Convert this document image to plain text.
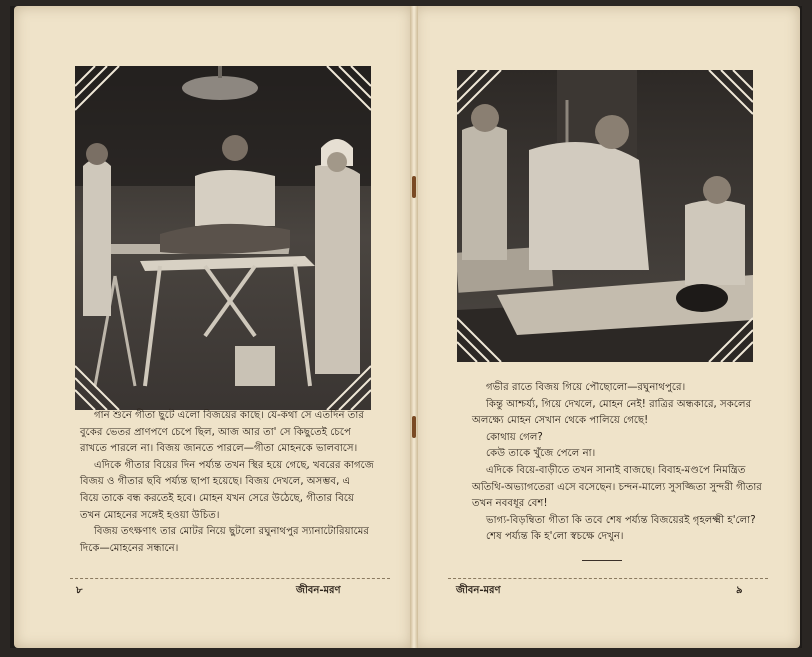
গান শুনে গীতা ছুটে এলো বিজয়ের কাছে। যে-কথা সে এতদিন তার

বুকের ভেতর প্রাণপণে চেপে ছিল, আজ আর তা' সে কিছুতেই চেপে

রাখতে পারলে না। বিজয় জানতে পারলে—গীতা মোহনকে ভালবাসে।

এদিকে গীতার বিয়ের দিন পর্য্যন্ত তখন স্থির হয়ে গেছে, খবরের কাগজে

বিজয় ও গীতার ছবি পর্য্যন্ত ছাপা হয়েছে। বিজয় দেখলে, অসম্ভব, এ

বিয়ে তাকে বন্ধ করতেই হবে। মোহন যখন সেরে উঠেছে, গীতার বিয়ে

তখন মোহনের সঙ্গেই হওয়া উচিত।

বিজয় তৎক্ষণাৎ তার মোটর নিয়ে ছুটলো রঘুনাথপুর স্যানাটোরিয়ামের

দিকে—মোহনের সন্ধানে।

৮	জীবন-মরণ

গভীর রাতে বিজয় গিয়ে পৌছোলো—রঘুনাথপুরে।

কিন্তু আশ্চর্য্য, গিয়ে দেখলে, মোহন নেই! রাত্রির অন্ধকারে, সকলের

অলক্ষ্যে মোহন সেখান থেকে পালিয়ে গেছে!

কোথায় গেল?

কেউ তাকে খুঁজে পেলে না।

এদিকে বিয়ে-বাড়ীতে তখন সানাই বাজছে। বিবাহ-মণ্ডপে নিমন্ত্রিত

অতিথি-অভ্যাগতেরা এসে বসেছেন। চন্দন-মাল্যে সুসজ্জিতা সুন্দরী গীতার

তখন নববধূর বেশ!

ভাগ্য-বিড়ম্বিতা গীতা কি তবে শেষ পর্য্যন্ত বিজয়েরই গৃহলক্ষ্মী হ'লো?

শেষ পর্য্যন্ত কি হ'লো স্বচক্ষে দেখুন।

জীবন-মরণ	৯
